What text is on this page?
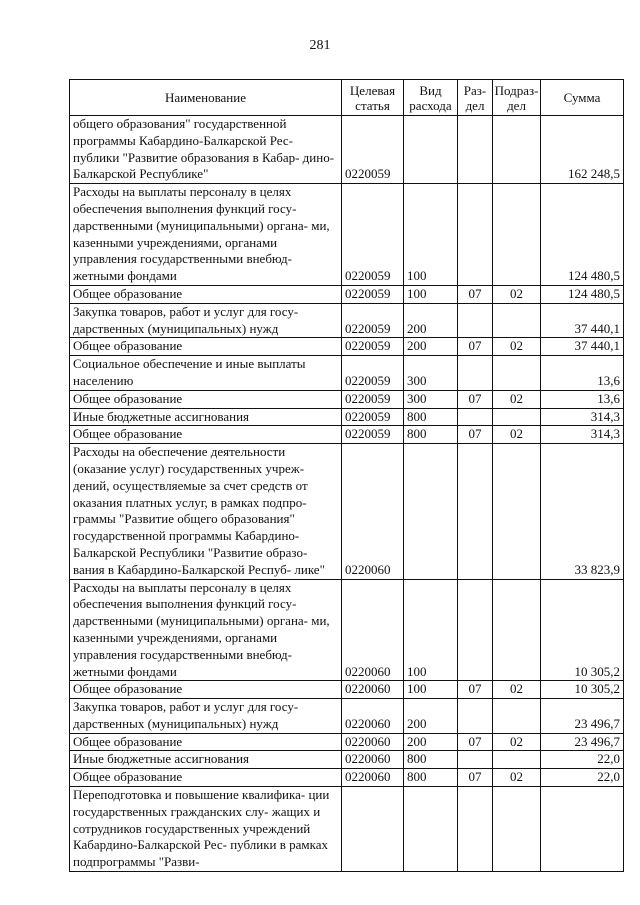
281
Наименование	Целевая статья	Вид расхода	Раз- дел	Подраз- дел	Сумма
общего образования" государственной программы Кабардино-Балкарской Рес- публики "Развитие образования в Кабар- дино-Балкарской Республике"	0220059				162 248,5
Расходы на выплаты персоналу в целях обеспечения выполнения функций госу- дарственными (муниципальными) органа- ми, казенными учреждениями, органами управления государственными внебюд- жетными фондами	0220059	100			124 480,5
Общее образование	0220059	100	07	02	124 480,5
Закупка товаров, работ и услуг для госу- дарственных (муниципальных) нужд	0220059	200			37 440,1
Общее образование	0220059	200	07	02	37 440,1
Социальное обеспечение и иные выплаты населению	0220059	300			13,6
Общее образование	0220059	300	07	02	13,6
Иные бюджетные ассигнования	0220059	800			314,3
Общее образование	0220059	800	07	02	314,3
Расходы на обеспечение деятельности (оказание услуг) государственных учреж- дений, осуществляемые за счет средств от оказания платных услуг, в рамках подпро- граммы "Развитие общего образования" государственной программы Кабардино- Балкарской Республики "Развитие образо- вания в Кабардино-Балкарской Респуб- лике"	0220060				33 823,9
Расходы на выплаты персоналу в целях обеспечения выполнения функций госу- дарственными (муниципальными) органа- ми, казенными учреждениями, органами управления государственными внебюд- жетными фондами	0220060	100			10 305,2
Общее образование	0220060	100	07	02	10 305,2
Закупка товаров, работ и услуг для госу- дарственных (муниципальных) нужд	0220060	200			23 496,7
Общее образование	0220060	200	07	02	23 496,7
Иные бюджетные ассигнования	0220060	800			22,0
Общее образование	0220060	800	07	02	22,0
Переподготовка и повышение квалифика- ции государственных гражданских слу- жащих и сотрудников государственных учреждений Кабардино-Балкарской Рес- публики в рамках подпрограммы "Разви-					
